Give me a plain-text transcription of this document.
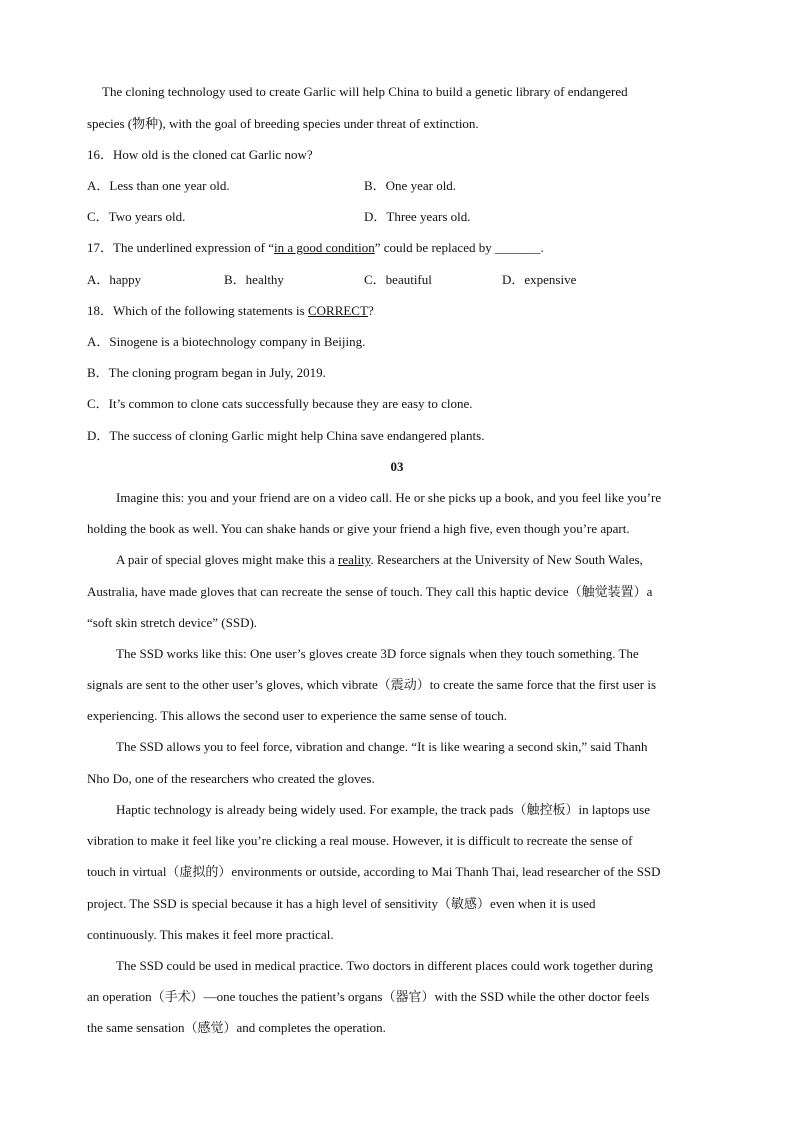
The cloning technology used to create Garlic will help China to build a genetic library of endangered
species (物种), with the goal of breeding species under threat of extinction.
16．How old is the cloned cat Garlic now?
A．Less than one year old.	B．One year old.
C．Two years old.	D．Three years old.
17．The underlined expression of “in a good condition” could be replaced by _______.
A．happy	B．healthy	C．beautiful	D．expensive
18．Which of the following statements is CORRECT?
A．Sinogene is a biotechnology company in Beijing.
B．The cloning program began in July, 2019.
C．It’s common to clone cats successfully because they are easy to clone.
D．The success of cloning Garlic might help China save endangered plants.
03
Imagine this: you and your friend are on a video call. He or she picks up a book, and you feel like you’re
holding the book as well. You can shake hands or give your friend a high five, even though you’re apart.
A pair of special gloves might make this a reality. Researchers at the University of New South Wales,
Australia, have made gloves that can recreate the sense of touch. They call this haptic device（触觉装置）a
“soft skin stretch device” (SSD).
The SSD works like this: One user’s gloves create 3D force signals when they touch something. The
signals are sent to the other user’s gloves, which vibrate（震动）to create the same force that the first user is
experiencing. This allows the second user to experience the same sense of touch.
The SSD allows you to feel force, vibration and change. “It is like wearing a second skin,” said Thanh
Nho Do, one of the researchers who created the gloves.
Haptic technology is already being widely used. For example, the track pads（触控板）in laptops use
vibration to make it feel like you’re clicking a real mouse. However, it is difficult to recreate the sense of
touch in virtual（虚拟的）environments or outside, according to Mai Thanh Thai, lead researcher of the SSD
project. The SSD is special because it has a high level of sensitivity（敏感）even when it is used
continuously. This makes it feel more practical.
The SSD could be used in medical practice. Two doctors in different places could work together during
an operation（手术）—one touches the patient’s organs（器官）with the SSD while the other doctor feels
the same sensation（感觉）and completes the operation.
